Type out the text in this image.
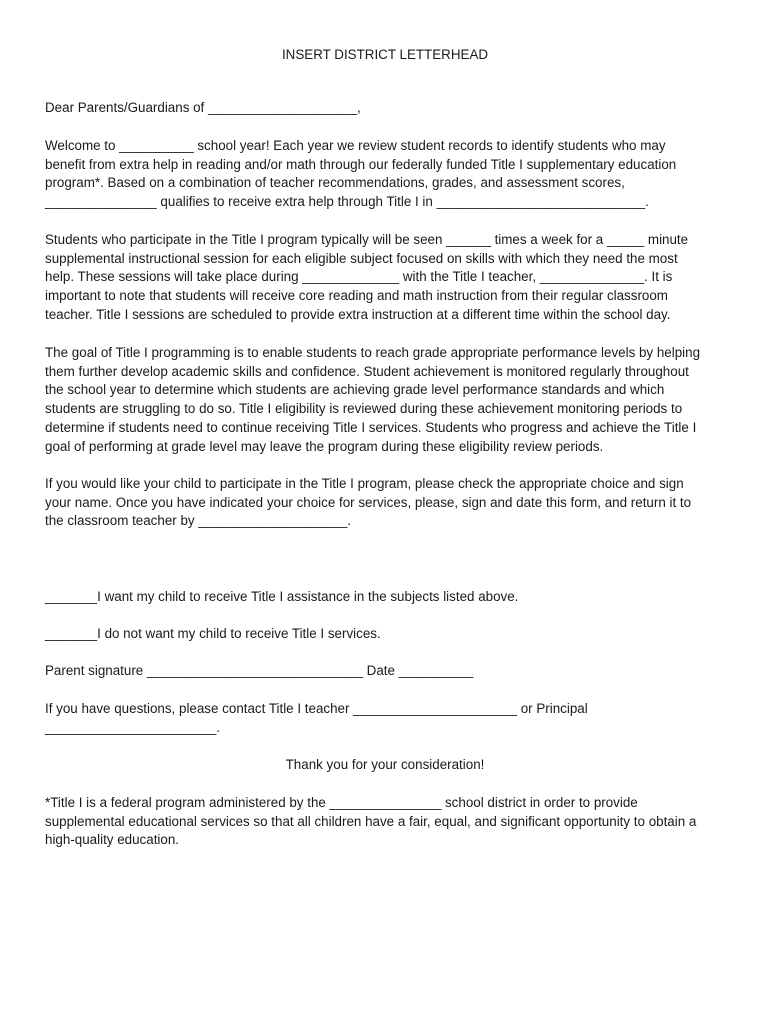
INSERT DISTRICT LETTERHEAD

Dear Parents/Guardians of ____________________,

Welcome to __________ school year! Each year we review student records to identify students who may
benefit from extra help in reading and/or math through our federally funded Title I supplementary education
program*. Based on a combination of teacher recommendations, grades, and assessment scores,
_______________ qualifies to receive extra help through Title I in ____________________________.

Students who participate in the Title I program typically will be seen ______ times a week for a _____ minute
supplemental instructional session for each eligible subject focused on skills with which they need the most
help. These sessions will take place during _____________ with the Title I teacher, ______________. It is
important to note that students will receive core reading and math instruction from their regular classroom
teacher. Title I sessions are scheduled to provide extra instruction at a different time within the school day.

The goal of Title I programming is to enable students to reach grade appropriate performance levels by helping
them further develop academic skills and confidence. Student achievement is monitored regularly throughout
the school year to determine which students are achieving grade level performance standards and which
students are struggling to do so. Title I eligibility is reviewed during these achievement monitoring periods to
determine if students need to continue receiving Title I services. Students who progress and achieve the Title I
goal of performing at grade level may leave the program during these eligibility review periods.

If you would like your child to participate in the Title I program, please check the appropriate choice and sign
your name. Once you have indicated your choice for services, please, sign and date this form, and return it to
the classroom teacher by ____________________.

_______I want my child to receive Title I assistance in the subjects listed above.

_______I do not want my child to receive Title I services.

Parent signature _____________________________ Date __________

If you have questions, please contact Title I teacher ______________________ or Principal
_______________________.

Thank you for your consideration!

*Title I is a federal program administered by the _______________ school district in order to provide
supplemental educational services so that all children have a fair, equal, and significant opportunity to obtain a
high-quality education.
